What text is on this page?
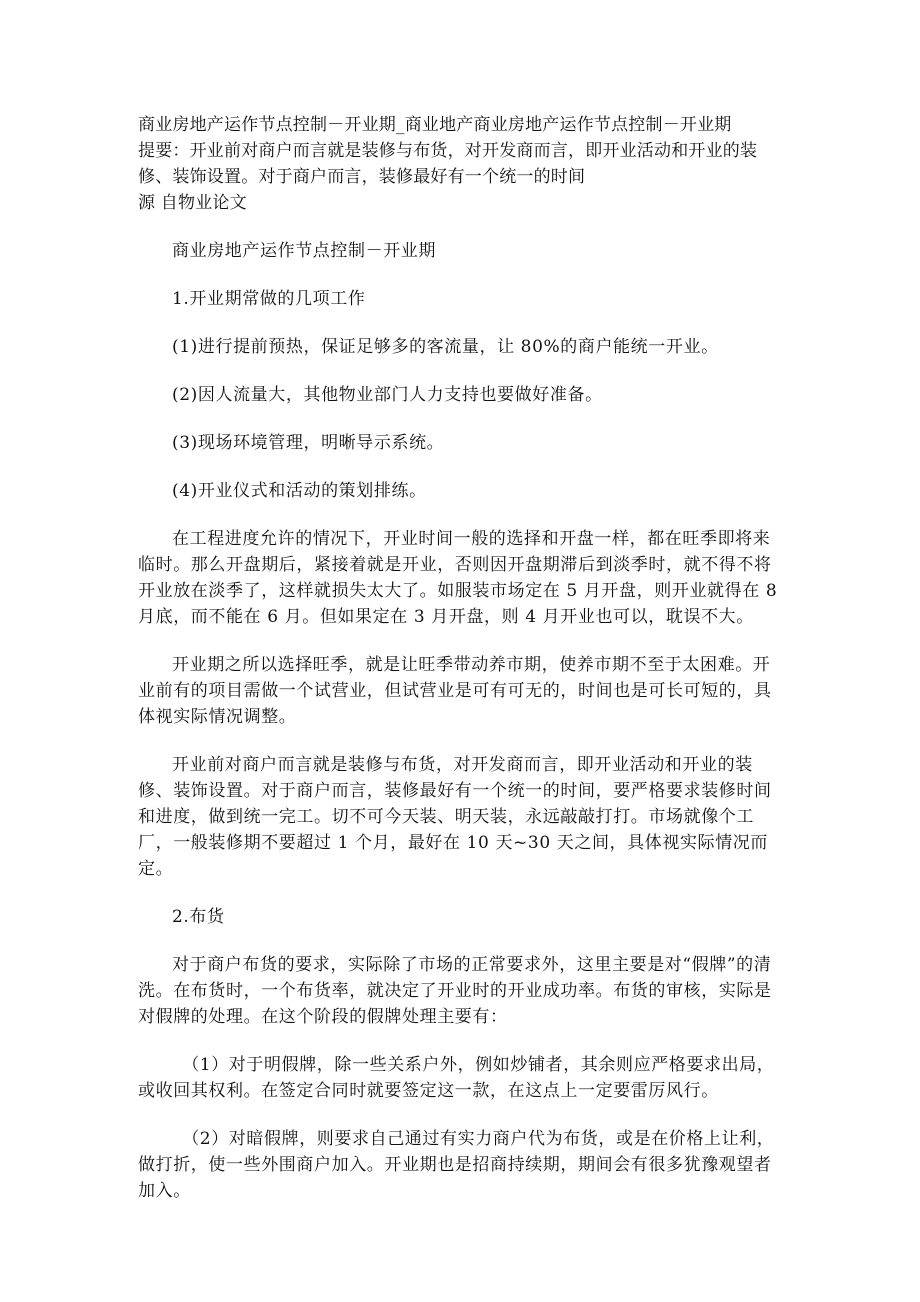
商业房地产运作节点控制－开业期_商业地产商业房地产运作节点控制－开业期

提要：开业前对商户而言就是装修与布货，对开发商而言，即开业活动和开业的装修、装饰设置。对于商户而言，装修最好有一个统一的时间

源 自物业论文

商业房地产运作节点控制－开业期

1.开业期常做的几项工作

(1)进行提前预热，保证足够多的客流量，让 80%的商户能统一开业。

(2)因人流量大，其他物业部门人力支持也要做好准备。

(3)现场环境管理，明晰导示系统。

(4)开业仪式和活动的策划排练。

在工程进度允许的情况下，开业时间一般的选择和开盘一样，都在旺季即将来临时。那么开盘期后，紧接着就是开业，否则因开盘期滞后到淡季时，就不得不将开业放在淡季了，这样就损失太大了。如服装市场定在 5 月开盘，则开业就得在 8 月底，而不能在 6 月。但如果定在 3 月开盘，则 4 月开业也可以，耽误不大。

开业期之所以选择旺季，就是让旺季带动养市期，使养市期不至于太困难。开业前有的项目需做一个试营业，但试营业是可有可无的，时间也是可长可短的，具体视实际情况调整。

开业前对商户而言就是装修与布货，对开发商而言，即开业活动和开业的装修、装饰设置。对于商户而言，装修最好有一个统一的时间，要严格要求装修时间和进度，做到统一完工。切不可今天装、明天装，永远敲敲打打。市场就像个工厂，一般装修期不要超过 1 个月，最好在 10 天~30 天之间，具体视实际情况而定。

2.布货

对于商户布货的要求，实际除了市场的正常要求外，这里主要是对“假牌”的清洗。在布货时，一个布货率，就决定了开业时的开业成功率。布货的审核，实际是对假牌的处理。在这个阶段的假牌处理主要有：

（1）对于明假牌，除一些关系户外，例如炒铺者，其余则应严格要求出局，或收回其权利。在签定合同时就要签定这一款，在这点上一定要雷厉风行。

（2）对暗假牌，则要求自己通过有实力商户代为布货，或是在价格上让利，做打折，使一些外围商户加入。开业期也是招商持续期，期间会有很多犹豫观望者加入。
